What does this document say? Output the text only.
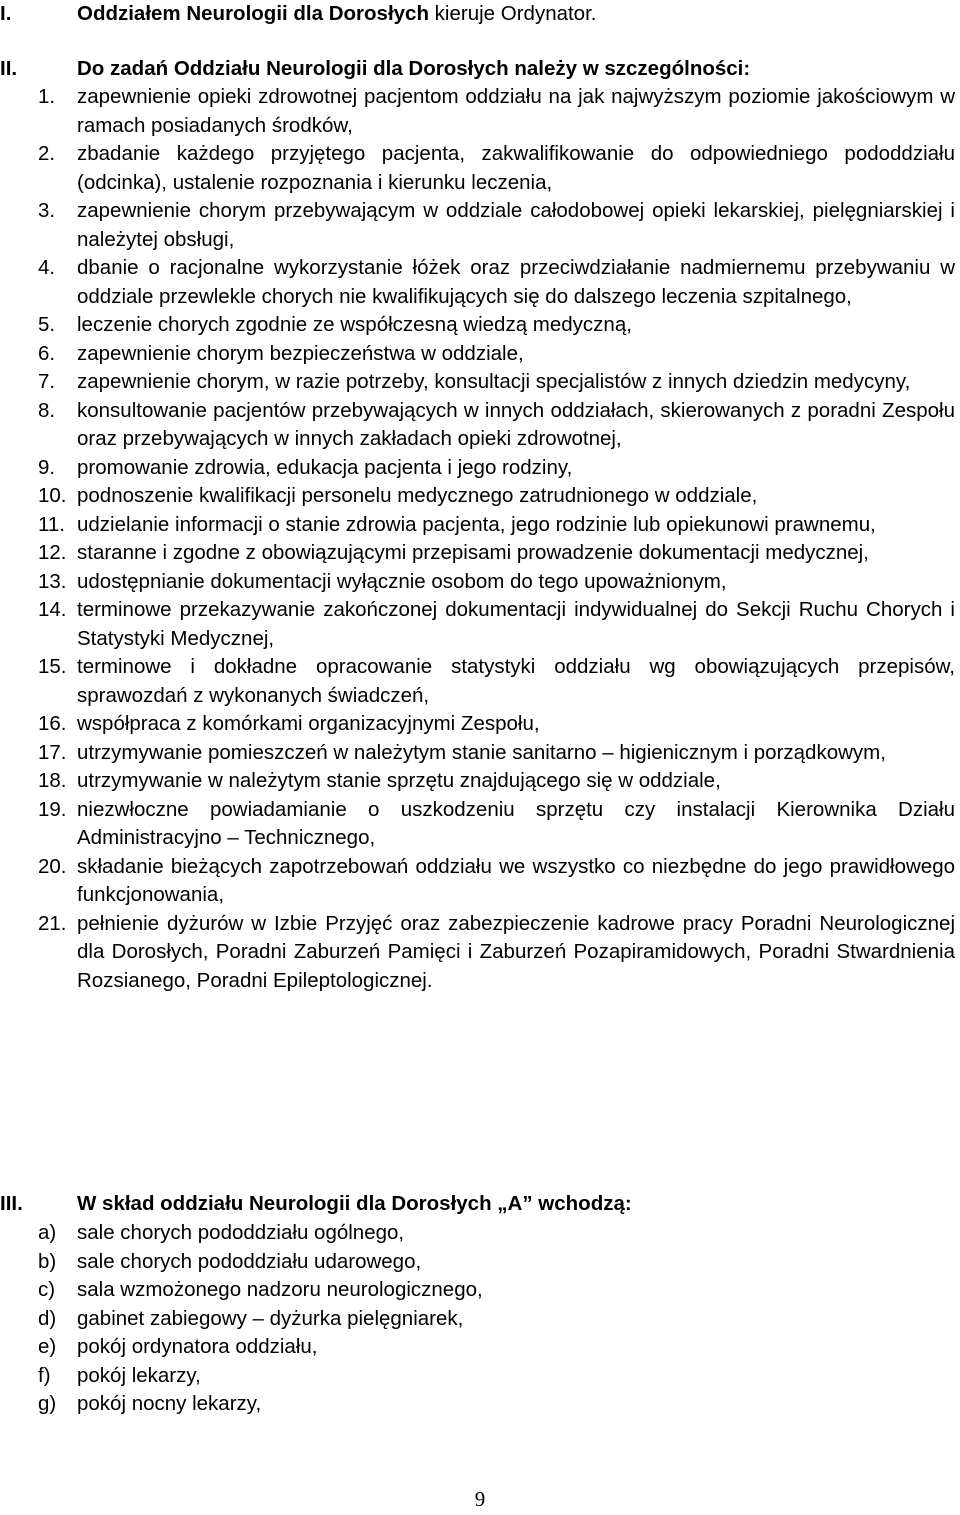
I.	Oddziałem Neurologii dla Dorosłych kieruje Ordynator.
II.	Do zadań Oddziału Neurologii dla Dorosłych należy w szczególności:
1. zapewnienie opieki zdrowotnej pacjentom oddziału na jak najwyższym poziomie jakościowym w ramach posiadanych środków,
2. zbadanie każdego przyjętego pacjenta, zakwalifikowanie do odpowiedniego pododdziału (odcinka), ustalenie rozpoznania i kierunku leczenia,
3. zapewnienie chorym przebywającym w oddziale całodobowej opieki lekarskiej, pielęgniarskiej i należytej obsługi,
4. dbanie o racjonalne wykorzystanie łóżek oraz przeciwdziałanie nadmiernemu przebywaniu w oddziale przewlekle chorych nie kwalifikujących się do dalszego leczenia szpitalnego,
5. leczenie chorych zgodnie ze współczesną wiedzą medyczną,
6. zapewnienie chorym bezpieczeństwa w oddziale,
7. zapewnienie chorym, w razie potrzeby, konsultacji specjalistów z innych dziedzin medycyny,
8. konsultowanie pacjentów przebywających w innych oddziałach, skierowanych z poradni Zespołu oraz przebywających w innych zakładach opieki zdrowotnej,
9. promowanie zdrowia, edukacja pacjenta i jego rodziny,
10. podnoszenie kwalifikacji personelu medycznego zatrudnionego w oddziale,
11. udzielanie informacji o stanie zdrowia pacjenta, jego rodzinie lub opiekunowi prawnemu,
12. staranne i zgodne z obowiązującymi przepisami prowadzenie dokumentacji medycznej,
13. udostępnianie dokumentacji wyłącznie osobom do tego upoważnionym,
14. terminowe przekazywanie zakończonej dokumentacji indywidualnej do Sekcji Ruchu Chorych i Statystyki Medycznej,
15. terminowe i dokładne opracowanie statystyki oddziału wg obowiązujących przepisów, sprawozdań z wykonanych świadczeń,
16. współpraca z komórkami organizacyjnymi Zespołu,
17. utrzymywanie pomieszczeń w należytym stanie sanitarno – higienicznym i porządkowym,
18. utrzymywanie w należytym stanie sprzętu znajdującego się w oddziale,
19. niezwłoczne powiadamianie o uszkodzeniu sprzętu czy instalacji Kierownika Działu Administracyjno – Technicznego,
20. składanie bieżących zapotrzebowań oddziału we wszystko co niezbędne do jego prawidłowego funkcjonowania,
21. pełnienie dyżurów w Izbie Przyjęć oraz zabezpieczenie kadrowe pracy Poradni Neurologicznej dla Dorosłych, Poradni Zaburzeń Pamięci i Zaburzeń Pozapiramidowych, Poradni Stwardnienia Rozsianego, Poradni Epileptologicznej.
III.	W skład oddziału Neurologii dla Dorosłych „A” wchodzą:
a) sale chorych pododdziału ogólnego,
b) sale chorych pododdziału udarowego,
c) sala wzmożonego nadzoru neurologicznego,
d) gabinet zabiegowy – dyżurka pielęgniarek,
e) pokój ordynatora oddziału,
f) pokój lekarzy,
g) pokój nocny lekarzy,
9
